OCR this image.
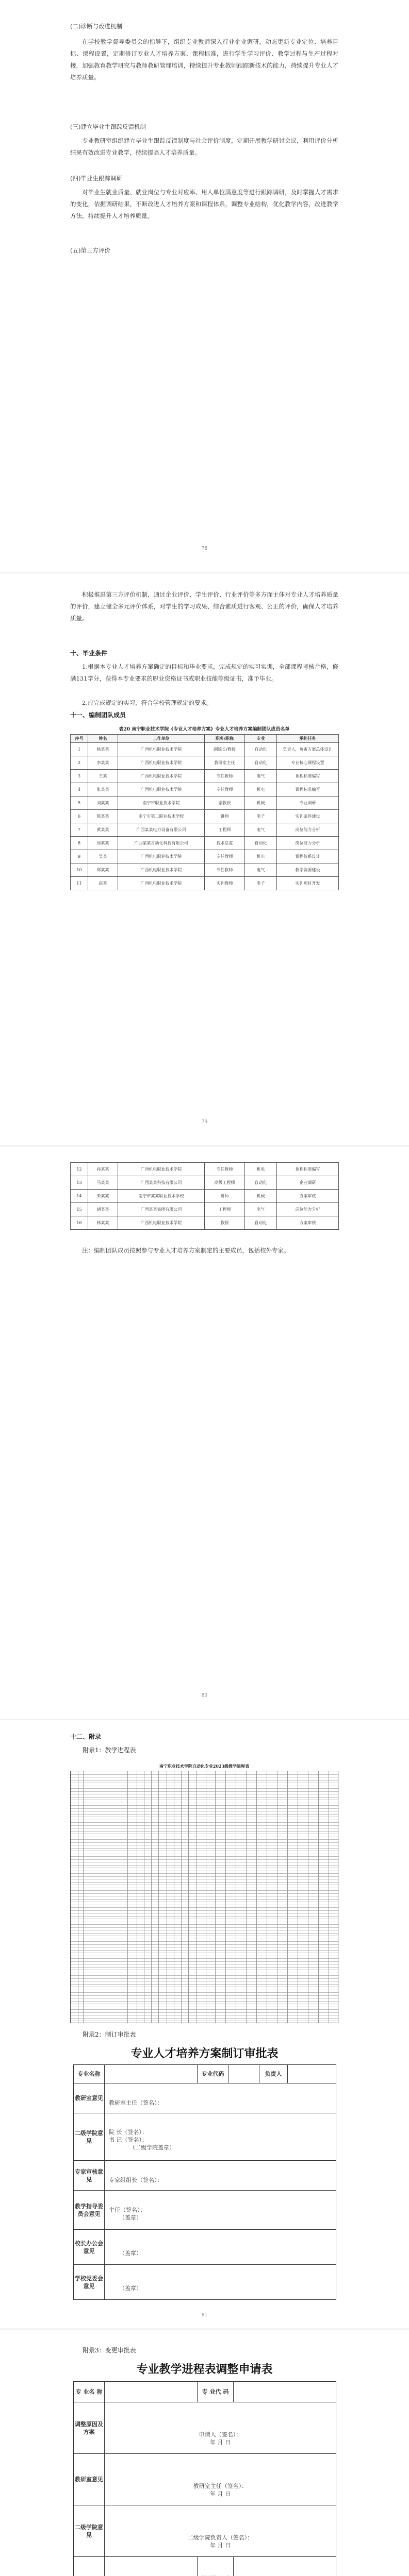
(二)诊断与改进机制
在学校教学督导委员会的指导下，组织专业教师深入行业企业调研，动态更新专业定位、培养目标、课程设置，定期修订专业人才培养方案、课程标准，进行学生学习评价、教学过程与生产过程对接，加强教育教学研究与教师教研管理培训，持续提升专业教师跟踪新技术的能力，持续提升专业人才培养质量。
(三)建立毕业生跟踪反馈机制
专业教研室组织建立毕业生跟踪反馈制度与社会评价制度，定期开展教学研讨会议，利用评价分析结果有效改进专业教学，持续提高人才培养质量。
(四)毕业生跟踪调研
对毕业生就业质量、就业岗位与专业对应率、用人单位满意度等进行跟踪调研，及时掌握人才需求的变化，依据调研结果，不断改进人才培养方案和课程体系，调整专业结构，优化教学内容，改进教学方法，持续提升人才培养质量。
(五)第三方评价
78
积极推进第三方评价机制，通过企业评价、学生评价、行业评价等多方面主体对专业人才培养质量的评价，建立健全多元评价体系，对学生的学习成果、综合素质进行客观、公正的评价，确保人才培养质量。
十、毕业条件
1.根据本专业人才培养方案确定的目标和毕业要求，完成规定的实习实训，全部课程考核合格，修满131学分，获得本专业要求的职业资格证书或职业技能等级证书，准予毕业。
2.应完成规定的实习，符合学校管理规定的要求。
十一、编制团队成员
表20 南宁职业技术学院《专业人才培养方案》专业人才培养方案编制团队成员名单
序号	姓名	工作单位	职务/职称	专业	承担任务
1	杨某某	广西机电职业技术学院	副院长/教授	自动化	负责人，负责方案总体设计
2	李某某	广西机电职业技术学院	教研室主任	自动化	专业核心课程设置
3	王某	广西机电职业技术学院	专任教师	电气	课程标准编写
4	张某某	广西机电职业技术学院	专任教师	机电	课程标准编写
5	刘某某	南宁市职业技术学院	副教授	机械	专业调研
6	陈某某	南宁市第二职业技术学校	讲师	电子	实训条件建设
7	黄某某	广西某某电力设备有限公司	工程师	电气	岗位能力分析
8	周某某	广西某某自动化科技有限公司	技术总监	自动化	岗位能力分析
9	吴某	广西机电职业技术学院	专任教师	机电	课程体系设计
10	郑某某	广西机电职业技术学院	专任教师	电气	教学资源建设
11	赵某	广西机电职业技术学院	实训教师	电子	实训项目开发
79
12	孙某某	广西机电职业技术学院	专任教师	机电	课程标准编写
13	马某某	广西某某科技有限公司	高级工程师	自动化	企业调研
14	朱某某	南宁市某某职业技术学校	讲师	机械	方案审核
15	胡某某	广西某某集团有限公司	工程师	电气	岗位能力分析
16	林某某	广西机电职业技术学院	教授	自动化	方案审核
注：编制团队成员按照参与专业人才培养方案制定的主要成员，包括校外专家。
80
十二、附录
附录1：教学进程表
南宁职业技术学院自动化专业2023级教学进程表
附录2：制订审批表
专业人才培养方案制订审批表
专业名称		专业代码		负责人	
教研室意见	教研室主任（签名）：				

二级学院意见	院 长（签名）：
书 记（签名）：
（二级学院盖章）				

专家审核意见	专家组组长（签名）：				

教学指导委员会意见	主任（签名）：
（盖章）				

校长办公会意见	（盖章）				

学校党委会意见	（盖章）				
81
附录3：变更审批表
专业教学进程表调整申请表
专 业名 称		专 业代 码	
调整原因及方案	申请人（签名）：
年 月 日		

教研室意见	教研室主任（签名）：
年 月 日		

二级学院意见	二级学院负责人（签名）：
年 月 日		
